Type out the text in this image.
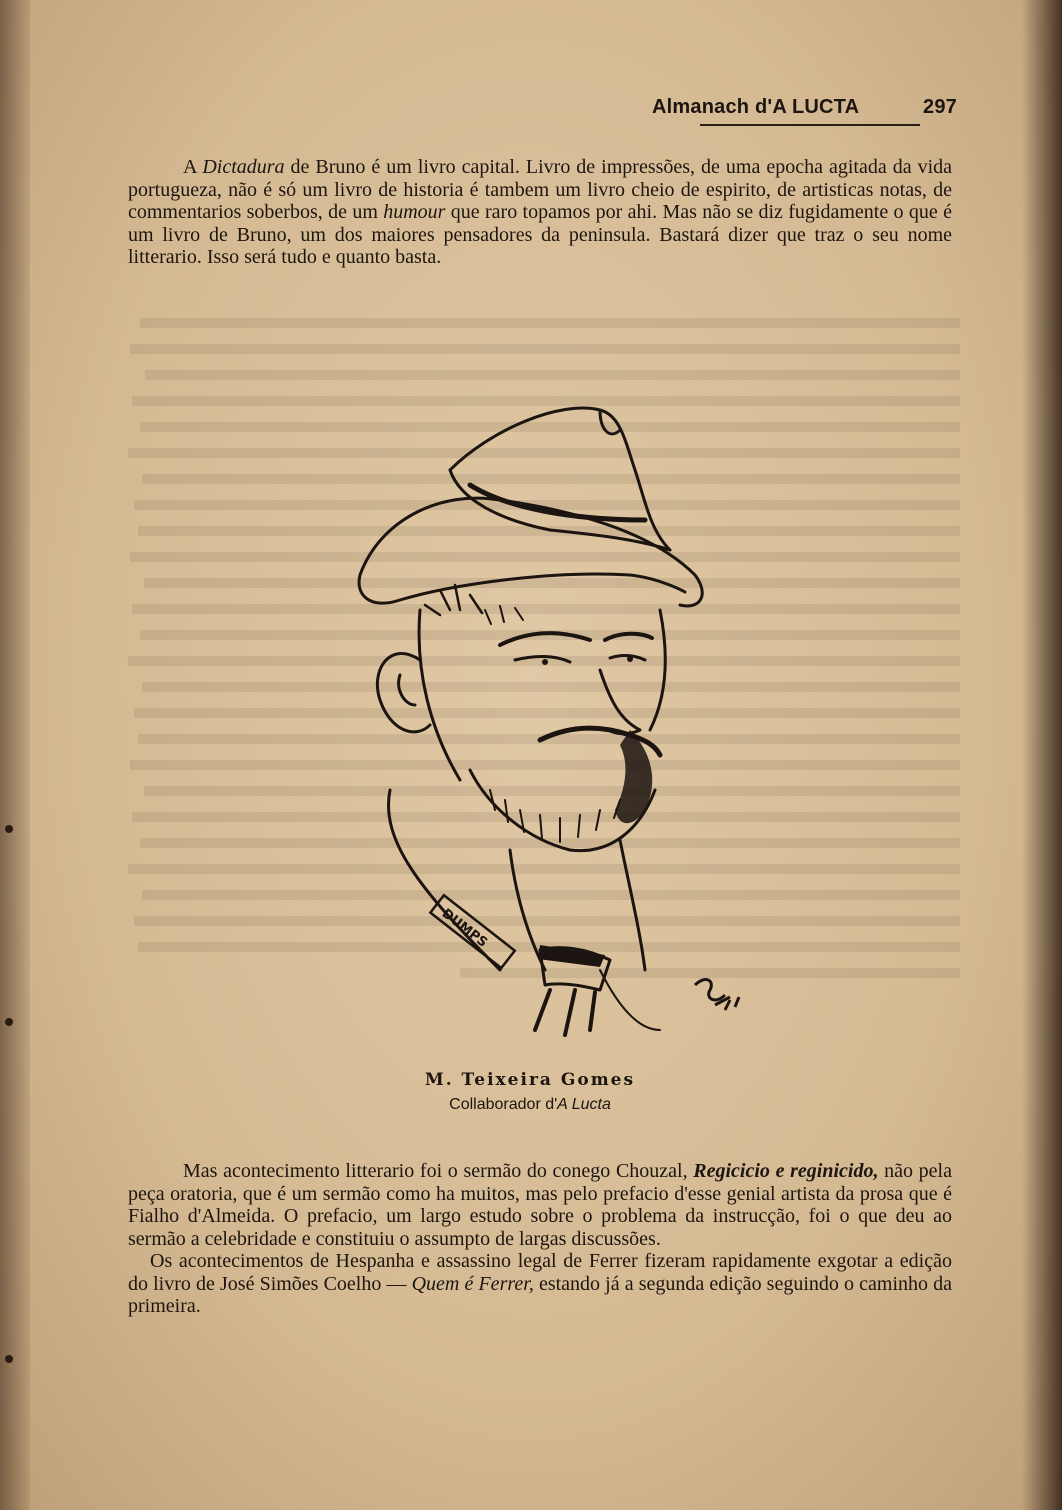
Almanach d'A LUCTA	297

A Dictadura de Bruno é um livro capital. Livro de impressões, de uma epocha agitada da vida portugueza, não é só um livro de historia é tambem um livro cheio de espirito, de artisticas notas, de commentarios soberbos, de um humour que raro topamos por ahi. Mas não se diz fugidamente o que é um livro de Bruno, um dos maiores pensadores da peninsula. Bastará dizer que traz o seu nome litterario. Isso será tudo e quanto basta.

DUMPS
M. Teixeira Gomes
Collaborador d'A Lucta

Mas acontecimento litterario foi o sermão do conego Chouzal, Regicicio e reginicido, não pela peça oratoria, que é um sermão como ha muitos, mas pelo prefacio d'esse genial artista da prosa que é Fialho d'Almeida. O prefacio, um largo estudo sobre o problema da instrucção, foi o que deu ao sermão a celebridade e constituiu o assumpto de largas discussões.

Os acontecimentos de Hespanha e assassino legal de Ferrer fizeram rapidamente exgotar a edição do livro de José Simões Coelho — Quem é Ferrer, estando já a segunda edição seguindo o caminho da primeira.
